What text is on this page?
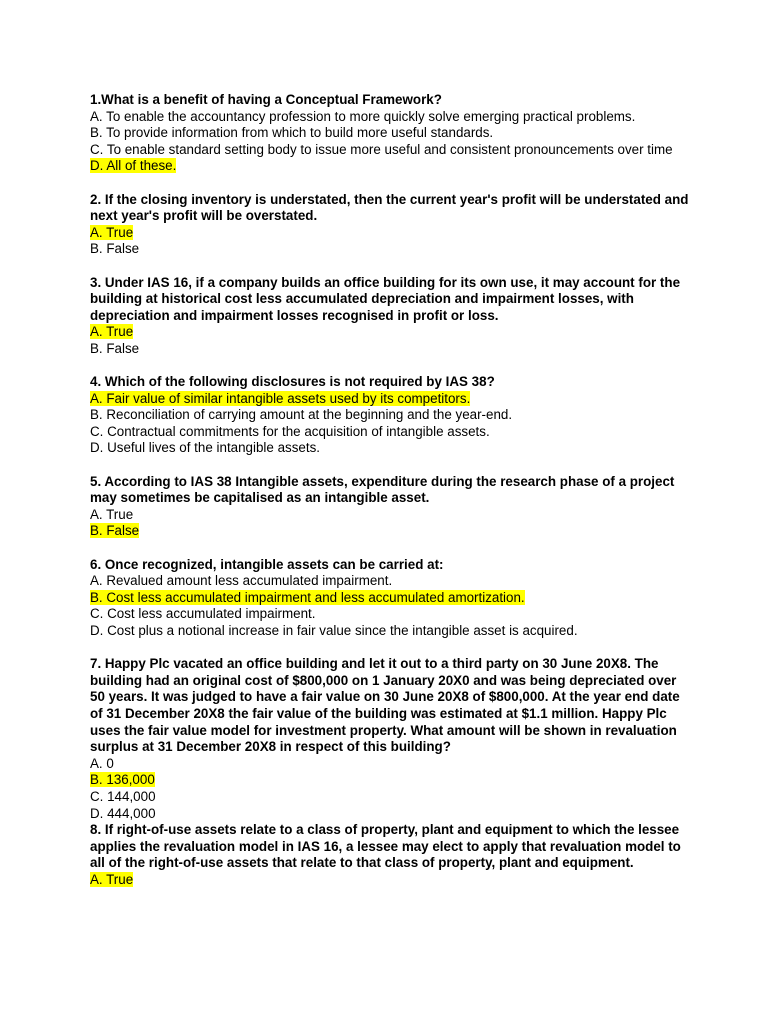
1.What is a benefit of having a Conceptual Framework?
A. To enable the accountancy profession to more quickly solve emerging practical problems.
B. To provide information from which to build more useful standards.
C. To enable standard setting body to issue more useful and consistent pronouncements over time
D. All of these.
2. If the closing inventory is understated, then the current year's profit will be understated and next year's profit will be overstated.
A. True
B. False
3. Under IAS 16, if a company builds an office building for its own use, it may account for the building at historical cost less accumulated depreciation and impairment losses, with depreciation and impairment losses recognised in profit or loss.
A. True
B. False
4. Which of the following disclosures is not required by IAS 38?
A. Fair value of similar intangible assets used by its competitors.
B. Reconciliation of carrying amount at the beginning and the year-end.
C. Contractual commitments for the acquisition of intangible assets.
D. Useful lives of the intangible assets.
5. According to IAS 38 Intangible assets, expenditure during the research phase of a project may sometimes be capitalised as an intangible asset.
A. True
B. False
6. Once recognized, intangible assets can be carried at:
A. Revalued amount less accumulated impairment.
B. Cost less accumulated impairment and less accumulated amortization.
C. Cost less accumulated impairment.
D. Cost plus a notional increase in fair value since the intangible asset is acquired.
7. Happy Plc vacated an office building and let it out to a third party on 30 June 20X8. The building had an original cost of $800,000 on 1 January 20X0 and was being depreciated over 50 years. It was judged to have a fair value on 30 June 20X8 of $800,000. At the year end date of 31 December 20X8 the fair value of the building was estimated at $1.1 million. Happy Plc uses the fair value model for investment property. What amount will be shown in revaluation surplus at 31 December 20X8 in respect of this building?
A. 0
B. 136,000
C. 144,000
D. 444,000
8. If right-of-use assets relate to a class of property, plant and equipment to which the lessee applies the revaluation model in IAS 16, a lessee may elect to apply that revaluation model to all of the right-of-use assets that relate to that class of property, plant and equipment.
A. True
